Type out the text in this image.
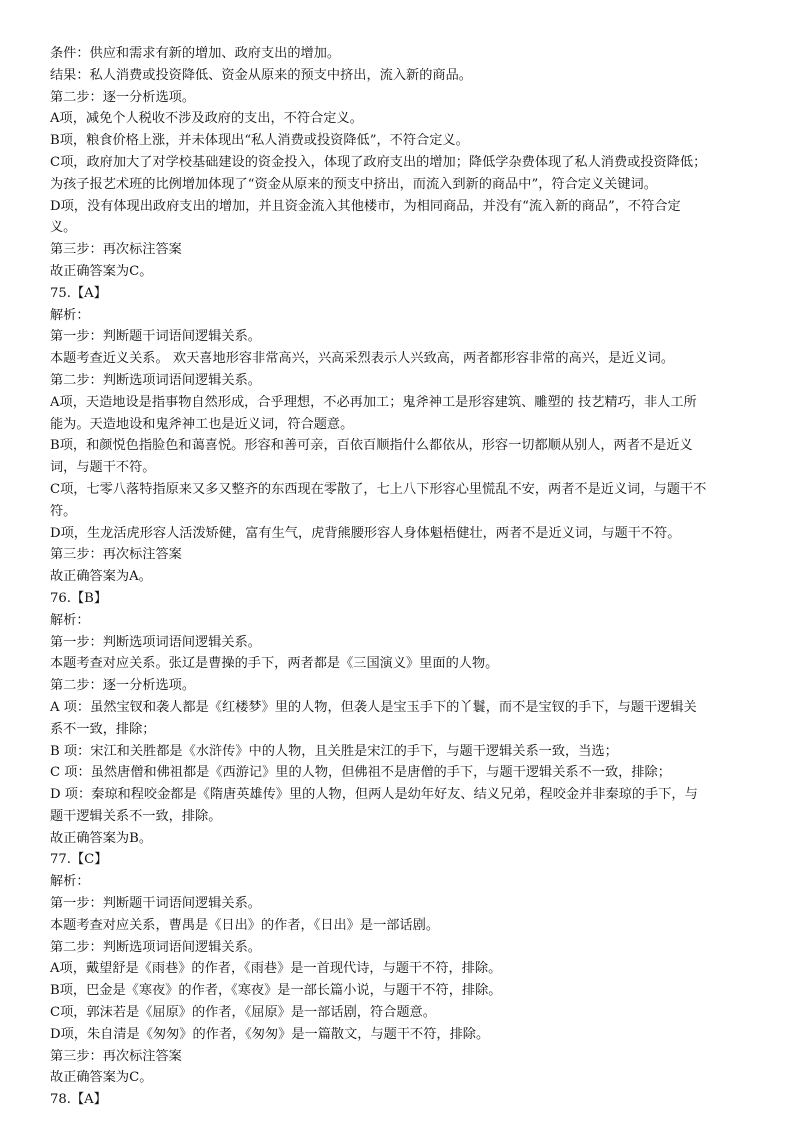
条件：供应和需求有新的增加、政府支出的增加。
结果：私人消费或投资降低、资金从原来的预支中挤出，流入新的商品。
第二步：逐一分析选项。
A项，减免个人税收不涉及政府的支出，不符合定义。
B项，粮食价格上涨，并未体现出“私人消费或投资降低”，不符合定义。
C项，政府加大了对学校基础建设的资金投入，体现了政府支出的增加；降低学杂费体现了私人消费或投资降低；
为孩子报艺术班的比例增加体现了“资金从原来的预支中挤出，而流入到新的商品中”，符合定义关键词。
D项，没有体现出政府支出的增加，并且资金流入其他楼市，为相同商品，并没有“流入新的商品”，不符合定
义。
第三步：再次标注答案
故正确答案为C。
75.【A】
解析：
第一步：判断题干词语间逻辑关系。
本题考查近义关系。 欢天喜地形容非常高兴，兴高采烈表示人兴致高，两者都形容非常的高兴，是近义词。
第二步：判断选项词语间逻辑关系。
A项，天造地设是指事物自然形成，合乎理想，不必再加工；鬼斧神工是形容建筑、雕塑的 技艺精巧，非人工所
能为。天造地设和鬼斧神工也是近义词，符合题意。
B项，和颜悦色指脸色和蔼喜悦。形容和善可亲，百依百顺指什么都依从，形容一切都顺从别人，两者不是近义
词，与题干不符。
C项，七零八落特指原来又多又整齐的东西现在零散了，七上八下形容心里慌乱不安，两者不是近义词，与题干不
符。
D项，生龙活虎形容人活泼矫健，富有生气，虎背熊腰形容人身体魁梧健壮，两者不是近义词，与题干不符。
第三步：再次标注答案
故正确答案为A。
76.【B】
解析：
第一步：判断选项词语间逻辑关系。
本题考查对应关系。张辽是曹操的手下，两者都是《三国演义》里面的人物。
第二步：逐一分析选项。
A 项：虽然宝钗和袭人都是《红楼梦》里的人物，但袭人是宝玉手下的丫鬟，而不是宝钗的手下，与题干逻辑关
系不一致，排除；
B 项：宋江和关胜都是《水浒传》中的人物，且关胜是宋江的手下，与题干逻辑关系一致，当选；
C 项：虽然唐僧和佛祖都是《西游记》里的人物，但佛祖不是唐僧的手下，与题干逻辑关系不一致，排除；
D 项：秦琼和程咬金都是《隋唐英雄传》里的人物，但两人是幼年好友、结义兄弟，程咬金并非秦琼的手下，与
题干逻辑关系不一致，排除。
故正确答案为B。
77.【C】
解析：
第一步：判断题干词语间逻辑关系。
本题考查对应关系，曹禺是《日出》的作者，《日出》是一部话剧。
第二步：判断选项词语间逻辑关系。
A项，戴望舒是《雨巷》的作者，《雨巷》是一首现代诗，与题干不符，排除。
B项，巴金是《寒夜》的作者，《寒夜》是一部长篇小说，与题干不符，排除。
C项，郭沫若是《屈原》的作者，《屈原》是一部话剧，符合题意。
D项，朱自清是《匆匆》的作者，《匆匆》是一篇散文，与题干不符，排除。
第三步：再次标注答案
故正确答案为C。
78.【A】
